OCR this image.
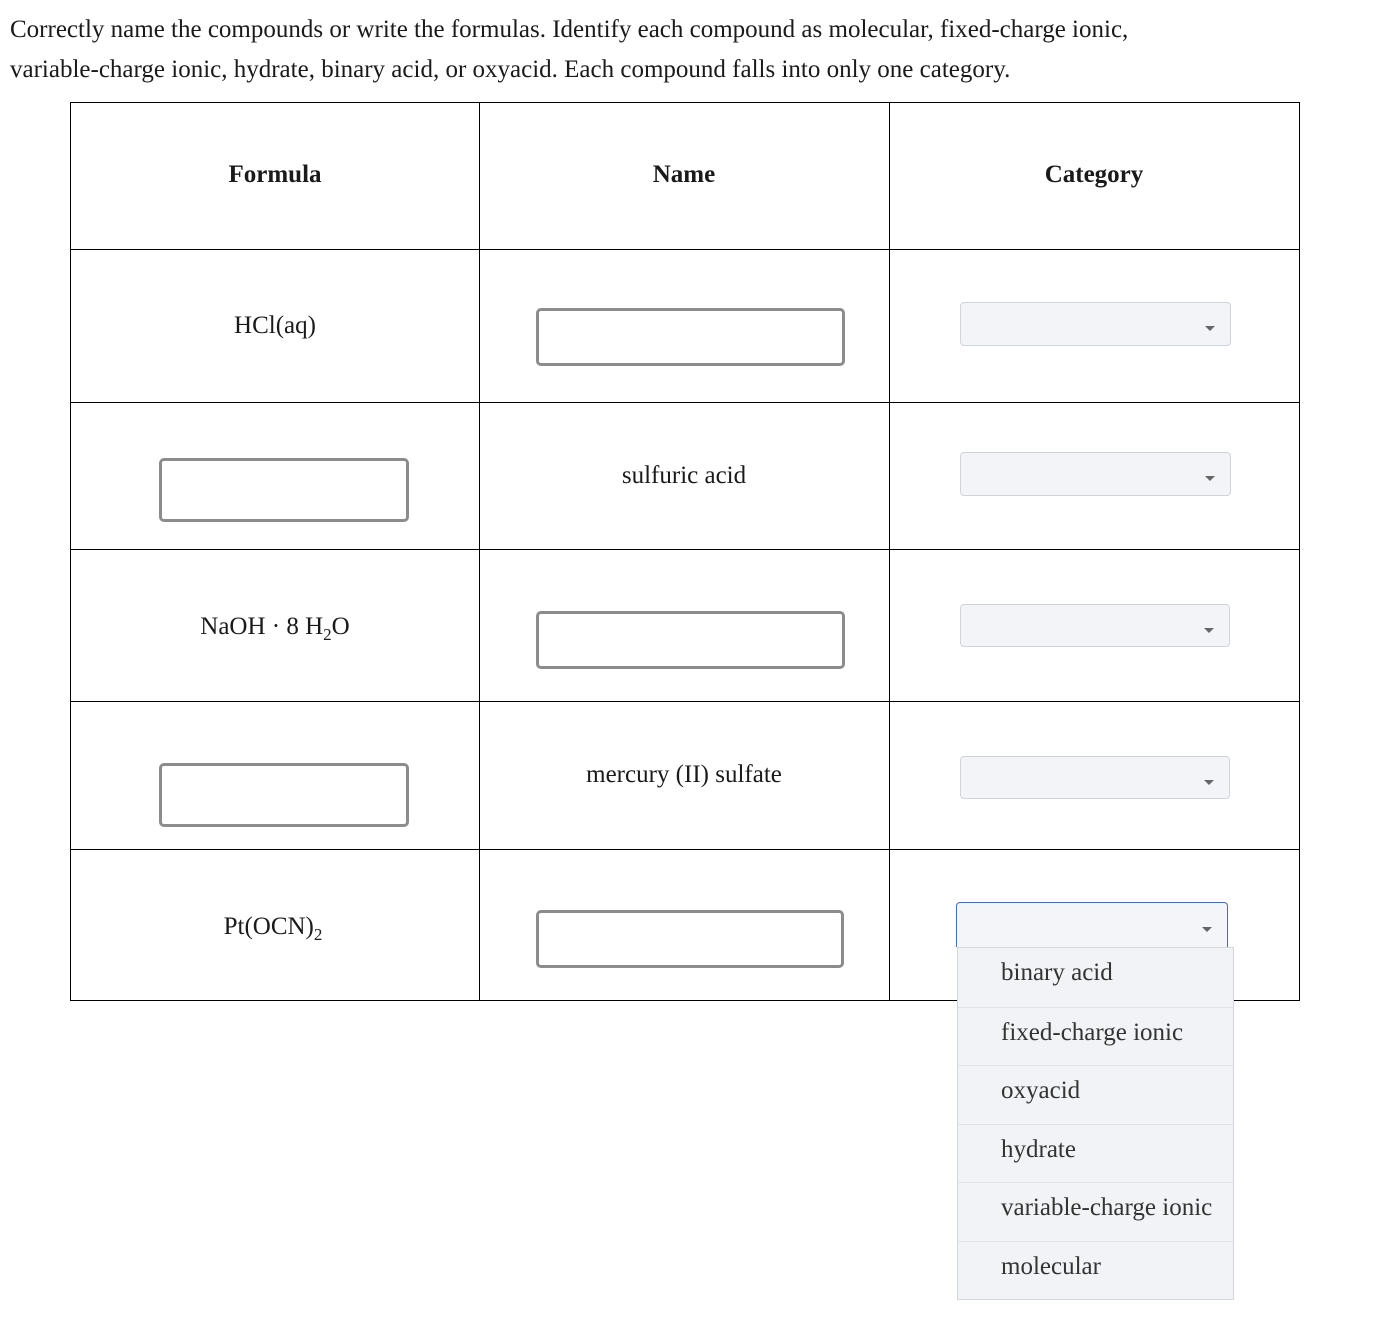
Correctly name the compounds or write the formulas. Identify each compound as molecular, fixed-charge ionic,
variable-charge ionic, hydrate, binary acid, or oxyacid. Each compound falls into only one category.
Formula	Name	Category
HCl(aq)
sulfuric acid
NaOH · 8 $H_2O$
mercury (II) sulfate
$Pt(OCN)_2$
binary acid
fixed-charge ionic
oxyacid
hydrate
variable-charge ionic
molecular
